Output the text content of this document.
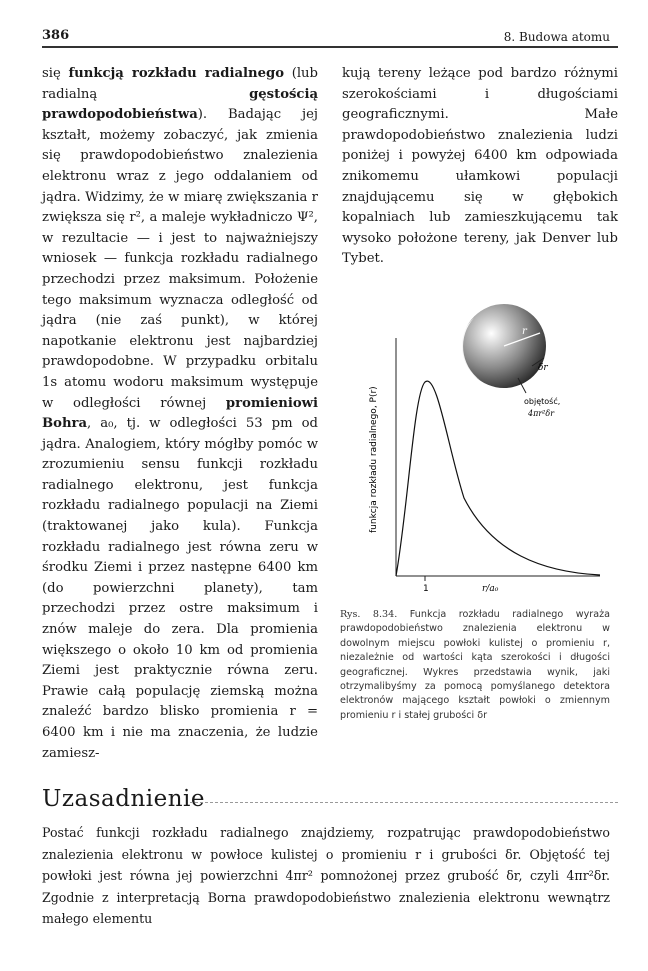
386	8. Budowa atomu

się funkcją rozkładu radialnego (lub radialną gęstością prawdopodobieństwa). Badając jej kształt, możemy zobaczyć, jak zmienia się prawdopodobieństwo znalezienia elektronu wraz z jego oddalaniem od jądra. Widzimy, że w miarę zwiększania r zwiększa się r², a maleje wykładniczo Ψ², w rezultacie — i jest to najważniejszy wniosek — funkcja rozkładu radialnego przechodzi przez maksimum. Położenie tego maksimum wyznacza odległość od jądra (nie zaś punkt), w której napotkanie elektronu jest najbardziej prawdopodobne. W przypadku orbitalu 1s atomu wodoru maksimum występuje w odległości równej promieniowi Bohra, a₀, tj. w odległości 53 pm od jądra. Analogiem, który mógłby pomóc w zrozumieniu sensu funkcji rozkładu radialnego elektronu, jest funkcja rozkładu radialnego populacji na Ziemi (traktowanej jako kula). Funkcja rozkładu radialnego jest równa zeru w środku Ziemi i przez następne 6400 km (do powierzchni planety), tam przechodzi przez ostre maksimum i znów maleje do zera. Dla promienia większego o około 10 km od promienia Ziemi jest praktycznie równa zeru. Prawie całą populację ziemską można znaleźć bardzo blisko promienia r = 6400 km i nie ma znaczenia, że ludzie zamiesz-

kują tereny leżące pod bardzo różnymi szerokościami i długościami geograficznymi. Małe prawdopodobieństwo znalezienia ludzi poniżej i powyżej 6400 km odpowiada znikomemu ułamkowi populacji znajdującemu się w głębokich kopalniach lub zamieszkującemu tak wysoko położone tereny, jak Denver lub Tybet.

1	r/a₀
funkcja rozkładu radialnego, P(r)
r
δr
objętość,
4πr²δr
Rys. 8.34. Funkcja rozkładu radialnego wyraża prawdopodobieństwo znalezienia elektronu w dowolnym miejscu powłoki kulistej o promieniu r, niezależnie od wartości kąta szerokości i długości geograficznej. Wykres przedstawia wynik, jaki otrzymalibyśmy za pomocą pomyślanego detektora elektronów mającego kształt powłoki o zmiennym promieniu r i stałej grubości δr
Uzasadnienie
Postać funkcji rozkładu radialnego znajdziemy, rozpatrując prawdopodobieństwo znalezienia elektronu w powłoce kulistej o promieniu r i grubości δr. Objętość tej powłoki jest równa jej powierzchni 4πr² pomnożonej przez grubość δr, czyli 4πr²δr. Zgodnie z interpretacją Borna prawdopodobieństwo znalezienia elektronu wewnątrz małego elementu
